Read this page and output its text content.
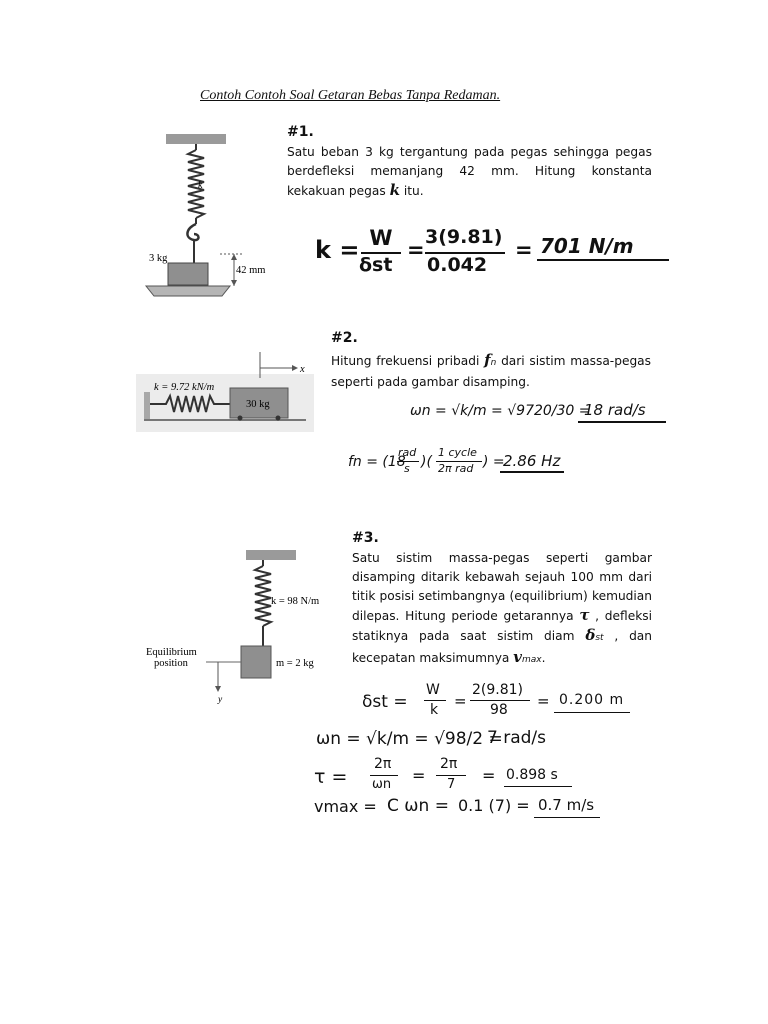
Contoh Contoh Soal Getaran Bebas Tanpa Redaman.
k
3 kg
42 mm
#1.
Satu beban 3 kg tergantung pada pegas sehingga pegas berdefleksi memanjang 42 mm. Hitung konstanta kekakuan pegas k itu.
k = W
δst
=
3(9.81)
0.042
= 701 N/m
k = 9.72 kN/m
30 kg
x
#2.
Hitung frekuensi pribadi fn dari sistim massa-pegas seperti pada gambar disamping.
ωn = √k/m = √9720/30 =
18 rad/s
fn = (18
rad
s )(
1 cycle
2π rad ) =
2.86 Hz
k = 98 N/m
m = 2 kg
y
Equilibrium
position
#3.
Satu sistim massa-pegas seperti gambar disamping ditarik kebawah sejauh 100 mm dari titik posisi setimbangnya (equilibrium) kemudian dilepas. Hitung periode getarannya τ , defleksi statiknya pada saat sistim diam δst , dan kecepatan maksimumnya vmax.
δst =
W
k =
2(9.81)
98 = 0.200 m
ωn = √k/m = √98/2 =
7 rad/s
τ =
2π
ωn =
2π
7 = 0.898 s
vmax = C ωn = 0.1 (7) = 0.7 m/s
